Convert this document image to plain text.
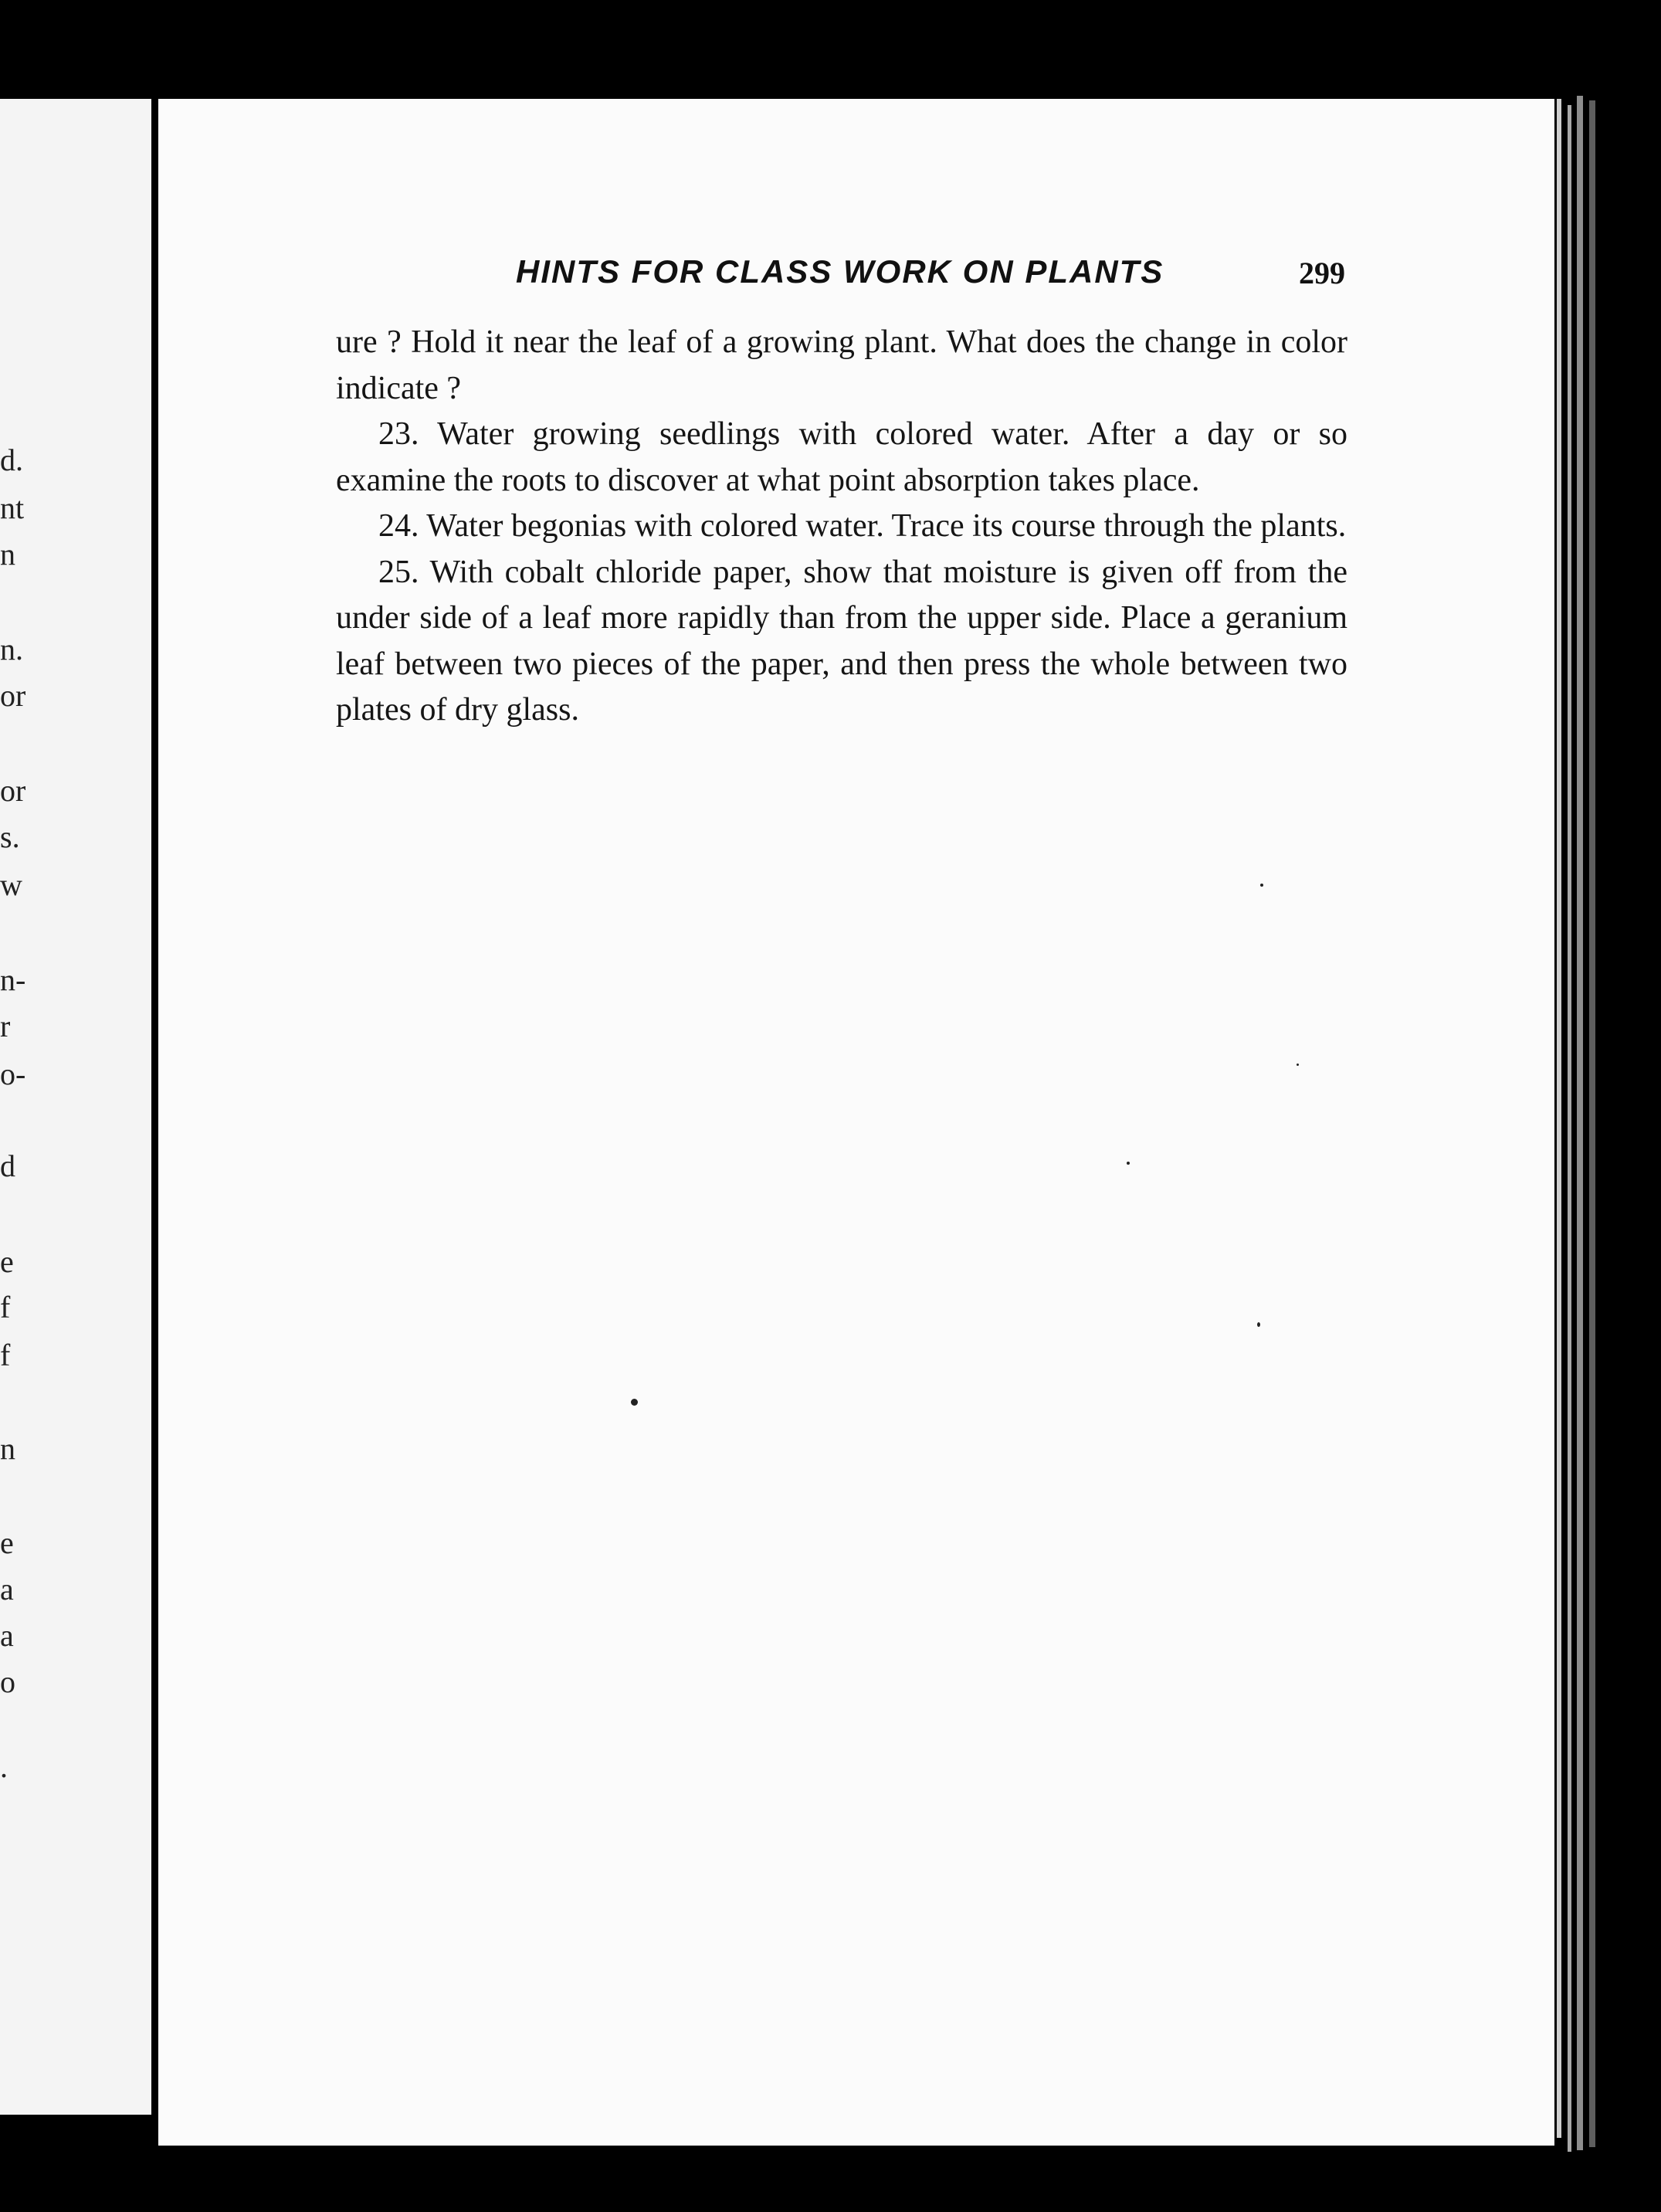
d.
nt
n
n.
or
or
s.
w
n-
r
o-
d
e
f
f
n
e
a
a
o
.
HINTS FOR CLASS WORK ON PLANTS	299

ure ? Hold it near the leaf of a growing plant. What does the change in color indicate ?

23. Water growing seedlings with colored water. After a day or so examine the roots to discover at what point absorption takes place.

24. Water begonias with colored water. Trace its course through the plants.

25. With cobalt chloride paper, show that moisture is given off from the under side of a leaf more rapidly than from the upper side. Place a geranium leaf between two pieces of the paper, and then press the whole between two plates of dry glass.
